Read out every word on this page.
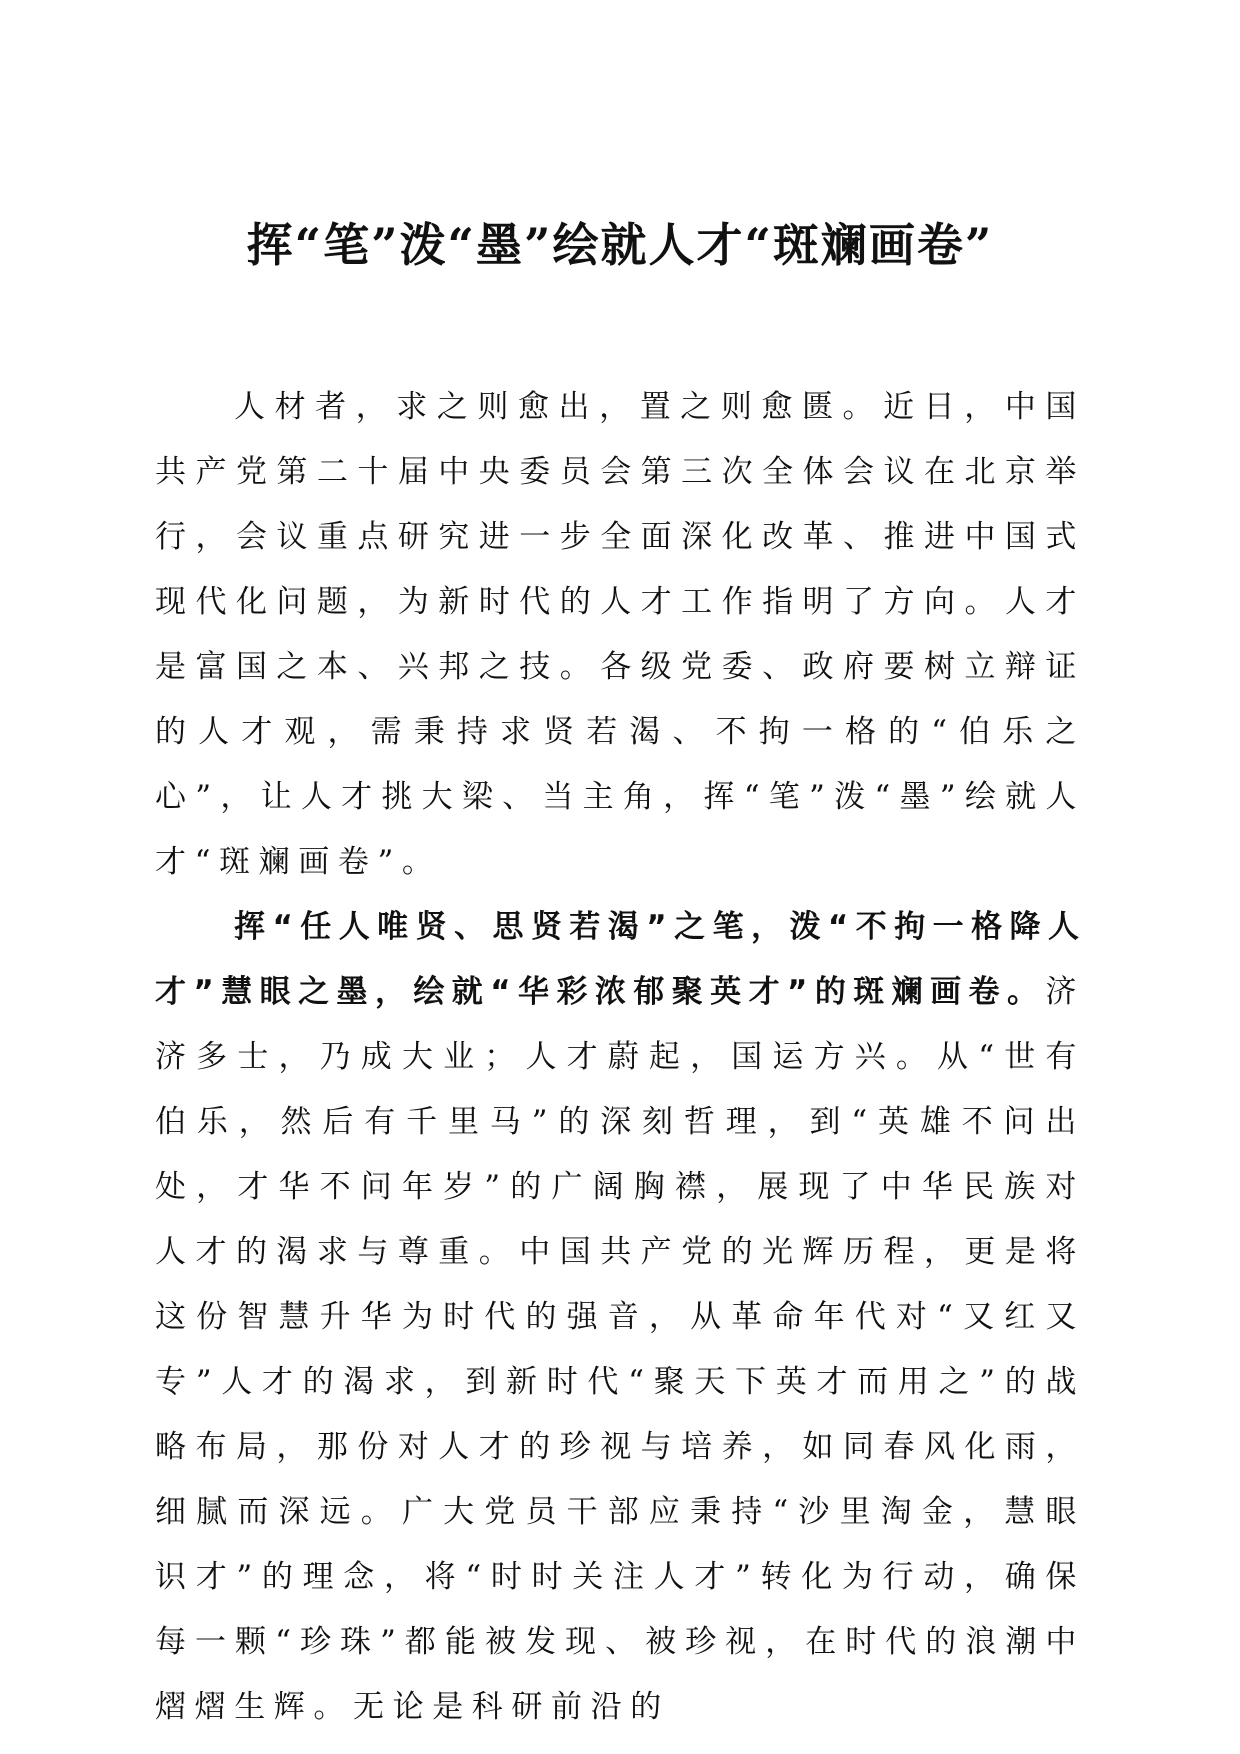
挥“笔”泼“墨”绘就人才“斑斓画卷”

人材者，求之则愈出，置之则愈匮。近日，中国共产党第二十届中央委员会第三次全体会议在北京举行，会议重点研究进一步全面深化改革、推进中国式现代化问题，为新时代的人才工作指明了方向。人才是富国之本、兴邦之技。各级党委、政府要树立辩证的人才观，需秉持求贤若渴、不拘一格的“伯乐之心”，让人才挑大梁、当主角，挥“笔”泼“墨”绘就人才“斑斓画卷”。

挥“任人唯贤、思贤若渴”之笔，泼“不拘一格降人才”慧眼之墨，绘就“华彩浓郁聚英才”的斑斓画卷。济济多士，乃成大业；人才蔚起，国运方兴。从“世有伯乐，然后有千里马”的深刻哲理，到“英雄不问出处，才华不问年岁”的广阔胸襟，展现了中华民族对人才的渴求与尊重。中国共产党的光辉历程，更是将这份智慧升华为时代的强音，从革命年代对“又红又专”人才的渴求，到新时代“聚天下英才而用之”的战略布局，那份对人才的珍视与培养，如同春风化雨，细腻而深远。广大党员干部应秉持“沙里淘金，慧眼识才”的理念，将“时时关注人才”转化为行动，确保每一颗“珍珠”都能被发现、被珍视，在时代的浪潮中熠熠生辉。无论是科研前沿的
